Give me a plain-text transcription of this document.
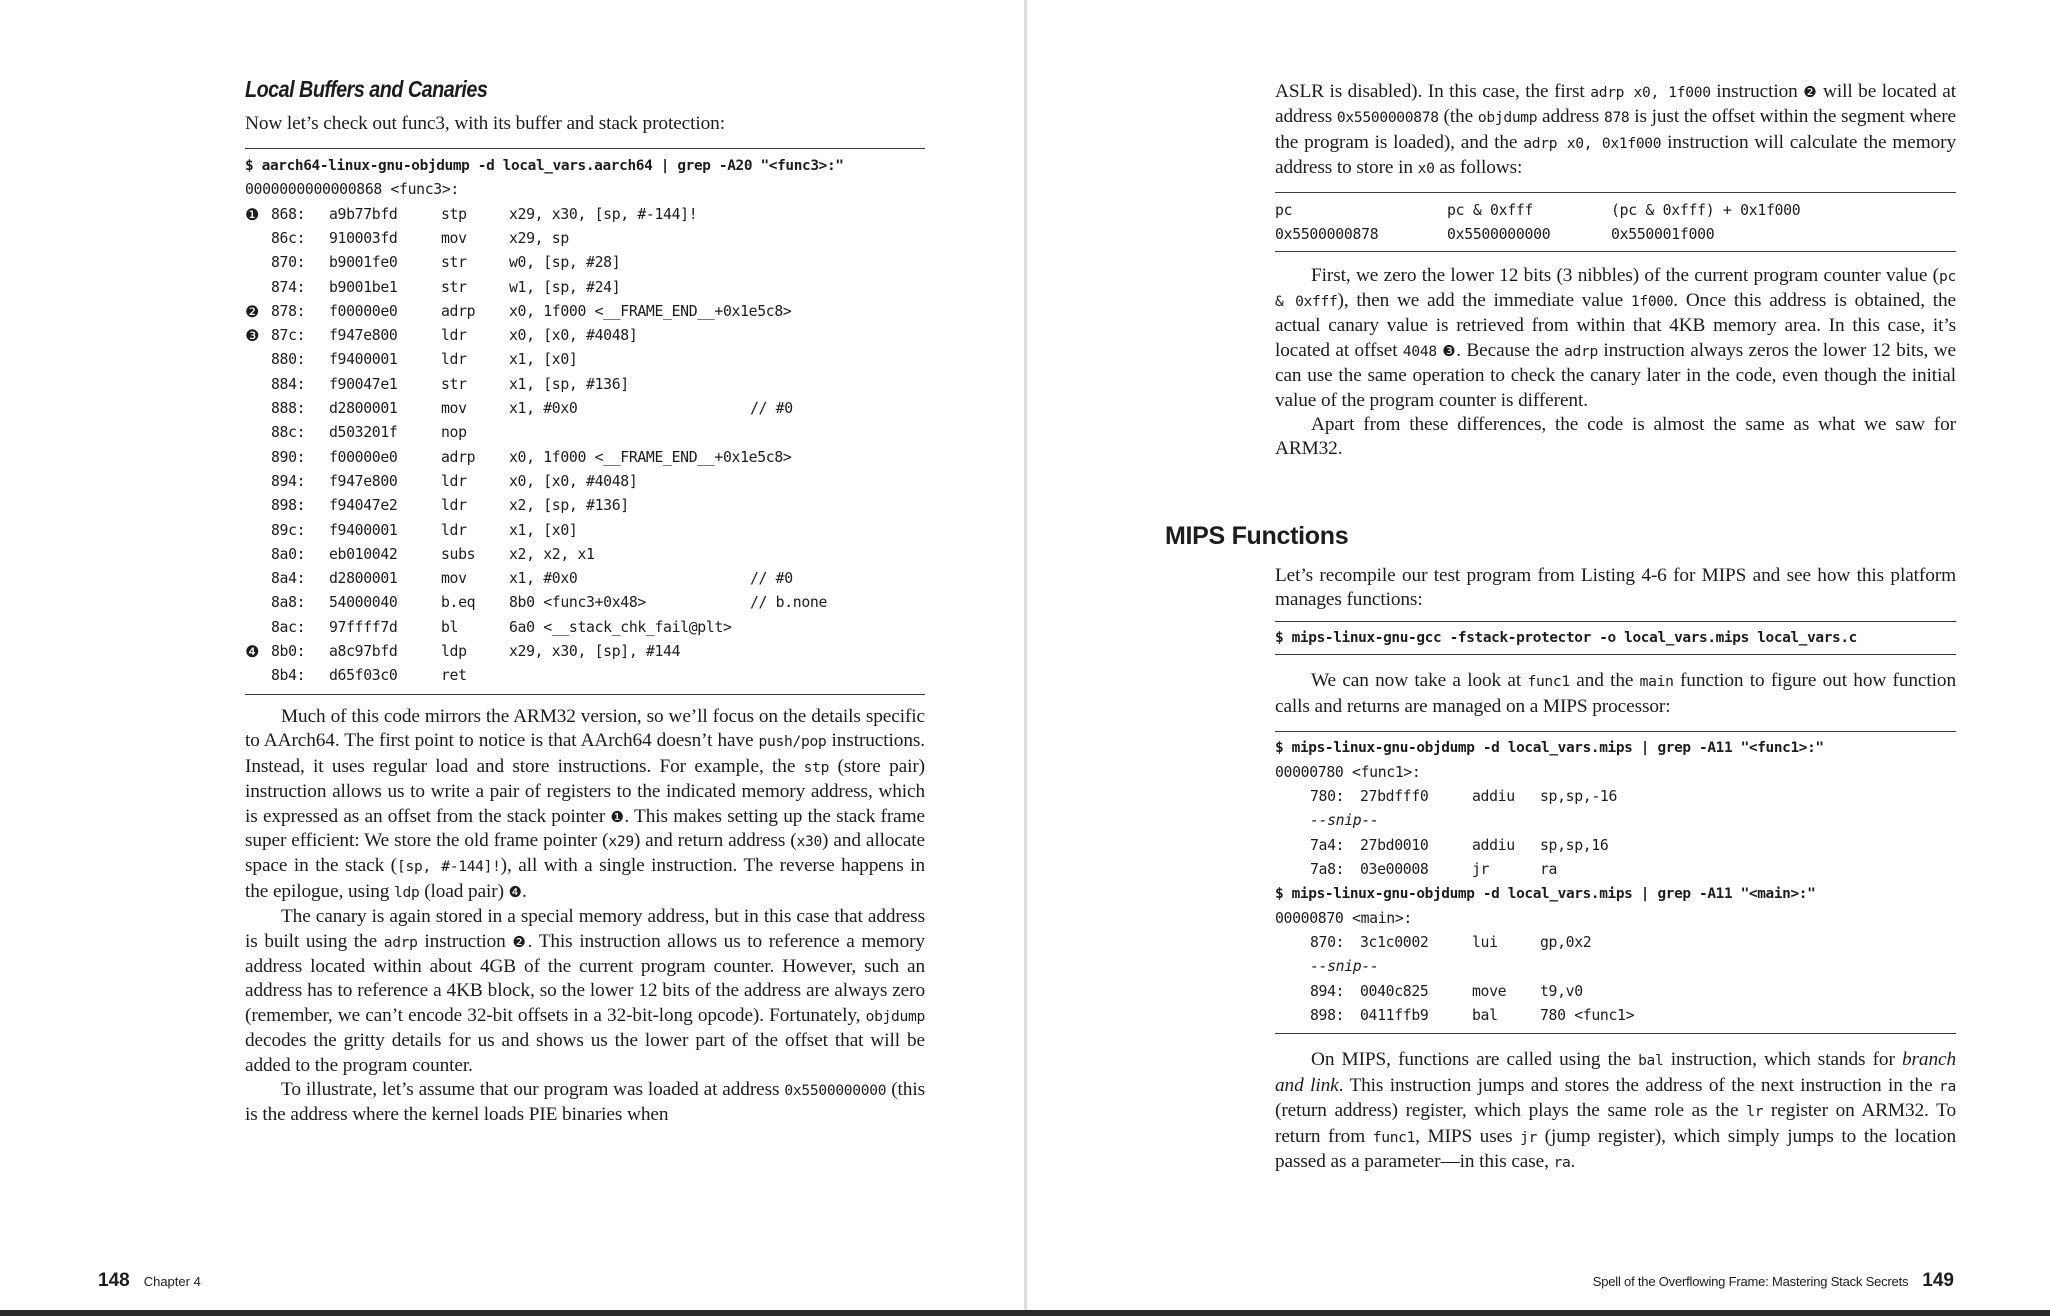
Local Buffers and Canaries

Now let’s check out func3, with its buffer and stack protection:

$ aarch64-linux-gnu-objdump -d local_vars.aarch64 | grep -A20 "<func3>:"
0000000000000868 <func3>:
❶ 868:	a9b77bfd	stp	x29, x30, [sp, #-144]!
86c:	910003fd	mov	x29, sp
870:	b9001fe0	str	w0, [sp, #28]
874:	b9001be1	str	w1, [sp, #24]
❷ 878:	f00000e0	adrp	x0, 1f000 <__FRAME_END__+0x1e5c8>
❸ 87c:	f947e800	ldr	x0, [x0, #4048]
880:	f9400001	ldr	x1, [x0]
884:	f90047e1	str	x1, [sp, #136]
888:	d2800001	mov	x1, #0x0	// #0
88c:	d503201f	nop
890:	f00000e0	adrp	x0, 1f000 <__FRAME_END__+0x1e5c8>
894:	f947e800	ldr	x0, [x0, #4048]
898:	f94047e2	ldr	x2, [sp, #136]
89c:	f9400001	ldr	x1, [x0]
8a0:	eb010042	subs	x2, x2, x1
8a4:	d2800001	mov	x1, #0x0	// #0
8a8:	54000040	b.eq	8b0 <func3+0x48>	// b.none
8ac:	97ffff7d	bl	6a0 <__stack_chk_fail@plt>
❹ 8b0:	a8c97bfd	ldp	x29, x30, [sp], #144
8b4:	d65f03c0	ret

Much of this code mirrors the ARM32 version, so we’ll focus on the details specific to AArch64. The first point to notice is that AArch64 doesn’t have push/pop instructions. Instead, it uses regular load and store instructions. For example, the stp (store pair) instruction allows us to write a pair of registers to the indicated memory address, which is expressed as an offset from the stack pointer ❶. This makes setting up the stack frame super efficient: We store the old frame pointer (x29) and return address (x30) and allocate space in the stack ([sp, #-144]!), all with a single instruction. The reverse happens in the epilogue, using ldp (load pair) ❹.

The canary is again stored in a special memory address, but in this case that address is built using the adrp instruction ❷. This instruction allows us to reference a memory address located within about 4GB of the current program counter. However, such an address has to reference a 4KB block, so the lower 12 bits of the address are always zero (remember, we can’t encode 32-bit offsets in a 32-bit-long opcode). Fortunately, objdump decodes the gritty details for us and shows us the lower part of the offset that will be added to the program counter.

To illustrate, let’s assume that our program was loaded at address 0x5500000000 (this is the address where the kernel loads PIE binaries when

148 Chapter 4

ASLR is disabled). In this case, the first adrp x0, 1f000 instruction ❷ will be located at address 0x5500000878 (the objdump address 878 is just the offset within the segment where the program is loaded), and the adrp x0, 0x1f000 instruction will calculate the memory address to store in x0 as follows:

pc	pc & 0xfff	(pc & 0xfff) + 0x1f000
0x5500000878	0x5500000000	0x550001f000

First, we zero the lower 12 bits (3 nibbles) of the current program counter value (pc & 0xfff), then we add the immediate value 1f000. Once this address is obtained, the actual canary value is retrieved from within that 4KB memory area. In this case, it’s located at offset 4048 ❸. Because the adrp instruction always zeros the lower 12 bits, we can use the same operation to check the canary later in the code, even though the initial value of the program counter is different.

Apart from these differences, the code is almost the same as what we saw for ARM32.

MIPS Functions

Let’s recompile our test program from Listing 4-6 for MIPS and see how this platform manages functions:

$ mips-linux-gnu-gcc -fstack-protector -o local_vars.mips local_vars.c

We can now take a look at func1 and the main function to figure out how function calls and returns are managed on a MIPS processor:

$ mips-linux-gnu-objdump -d local_vars.mips | grep -A11 "<func1>:"
00000780 <func1>:
780:	27bdfff0	addiu	sp,sp,-16
--snip--
7a4:	27bd0010	addiu	sp,sp,16
7a8:	03e00008	jr	ra
$ mips-linux-gnu-objdump -d local_vars.mips | grep -A11 "<main>:"
00000870 <main>:
870:	3c1c0002	lui	gp,0x2
--snip--
894:	0040c825	move	t9,v0
898:	0411ffb9	bal	780 <func1>

On MIPS, functions are called using the bal instruction, which stands for branch and link. This instruction jumps and stores the address of the next instruction in the ra (return address) register, which plays the same role as the lr register on ARM32. To return from func1, MIPS uses jr (jump register), which simply jumps to the location passed as a parameter—in this case, ra.

Spell of the Overflowing Frame: Mastering Stack Secrets 149
